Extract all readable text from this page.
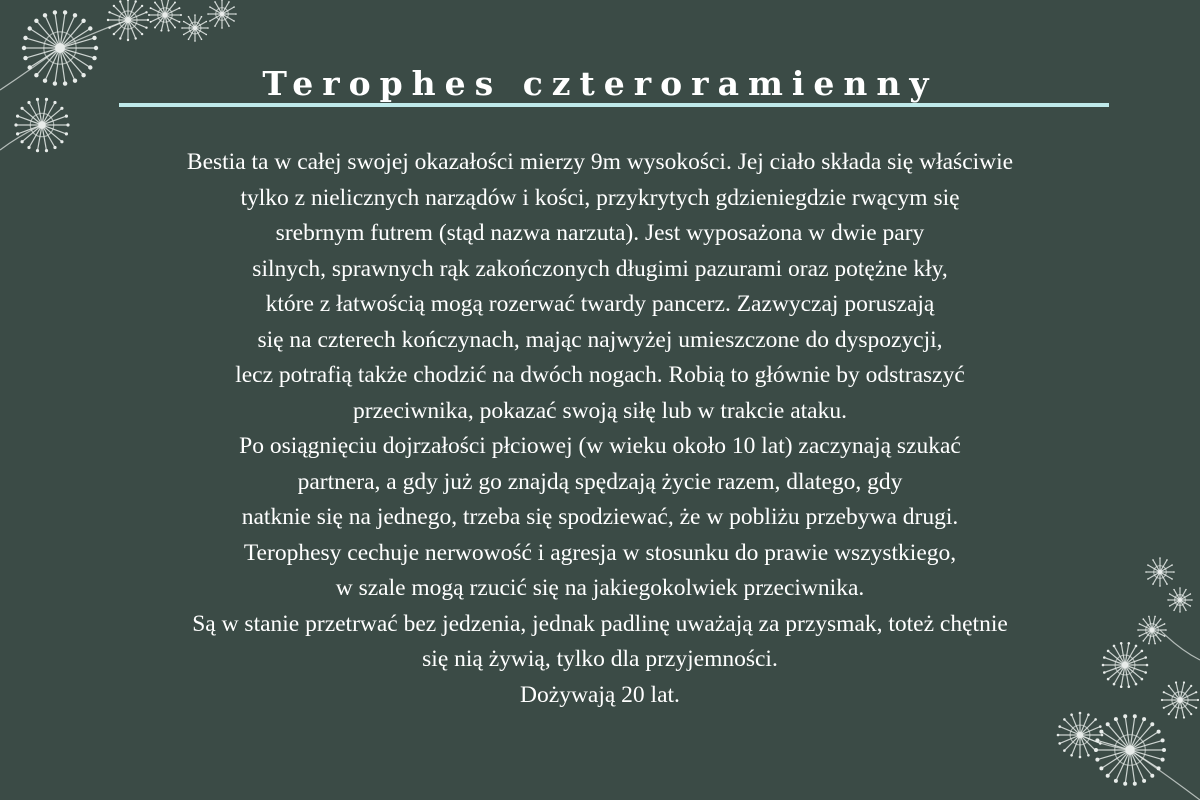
Terophes czteroramienny
Bestia ta w całej swojej okazałości mierzy 9m wysokości. Jej ciało składa się właściwie
tylko z nielicznych narządów i kości, przykrytych gdzieniegdzie rwącym się
srebrnym futrem (stąd nazwa narzuta). Jest wyposażona w dwie pary
silnych, sprawnych rąk zakończonych długimi pazurami oraz potężne kły,
które z łatwością mogą rozerwać twardy pancerz. Zazwyczaj poruszają
się na czterech kończynach, mając najwyżej umieszczone do dyspozycji,
lecz potrafią także chodzić na dwóch nogach. Robią to głównie by odstraszyć
przeciwnika, pokazać swoją siłę lub w trakcie ataku.
Po osiągnięciu dojrzałości płciowej (w wieku około 10 lat) zaczynają szukać
partnera, a gdy już go znajdą spędzają życie razem, dlatego, gdy
natknie się na jednego, trzeba się spodziewać, że w pobliżu przebywa drugi.
Terophesy cechuje nerwowość i agresja w stosunku do prawie wszystkiego,
w szale mogą rzucić się na jakiegokolwiek przeciwnika.
Są w stanie przetrwać bez jedzenia, jednak padlinę uważają za przysmak, toteż chętnie
się nią żywią, tylko dla przyjemności.
Dożywają 20 lat.
